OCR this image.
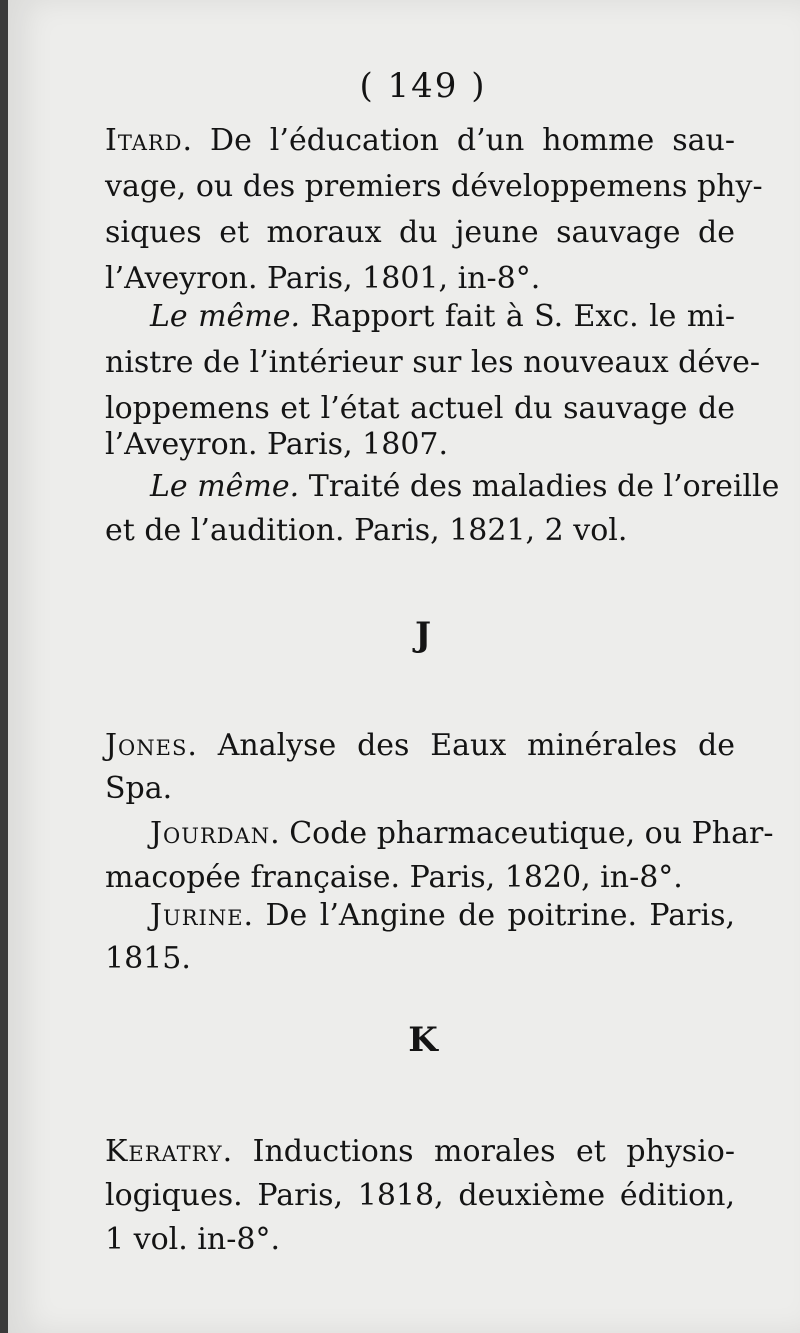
( 149 )
Itard. De l’éducation d’un homme sau-
vage, ou des premiers développemens phy-
siques et moraux du jeune sauvage de
l’Aveyron. Paris, 1801, in-8°.
Le même. Rapport fait à S. Exc. le mi-
nistre de l’intérieur sur les nouveaux déve-
loppemens et l’état actuel du sauvage de
l’Aveyron. Paris, 1807.
Le même. Traité des maladies de l’oreille
et de l’audition. Paris, 1821, 2 vol.
J
Jones. Analyse des Eaux minérales de
Spa.
Jourdan. Code pharmaceutique, ou Phar-
macopée française. Paris, 1820, in-8°.
Jurine. De l’Angine de poitrine. Paris,
1815.
K
Keratry. Inductions morales et physio-
logiques. Paris, 1818, deuxième édition,
1 vol. in-8°.
